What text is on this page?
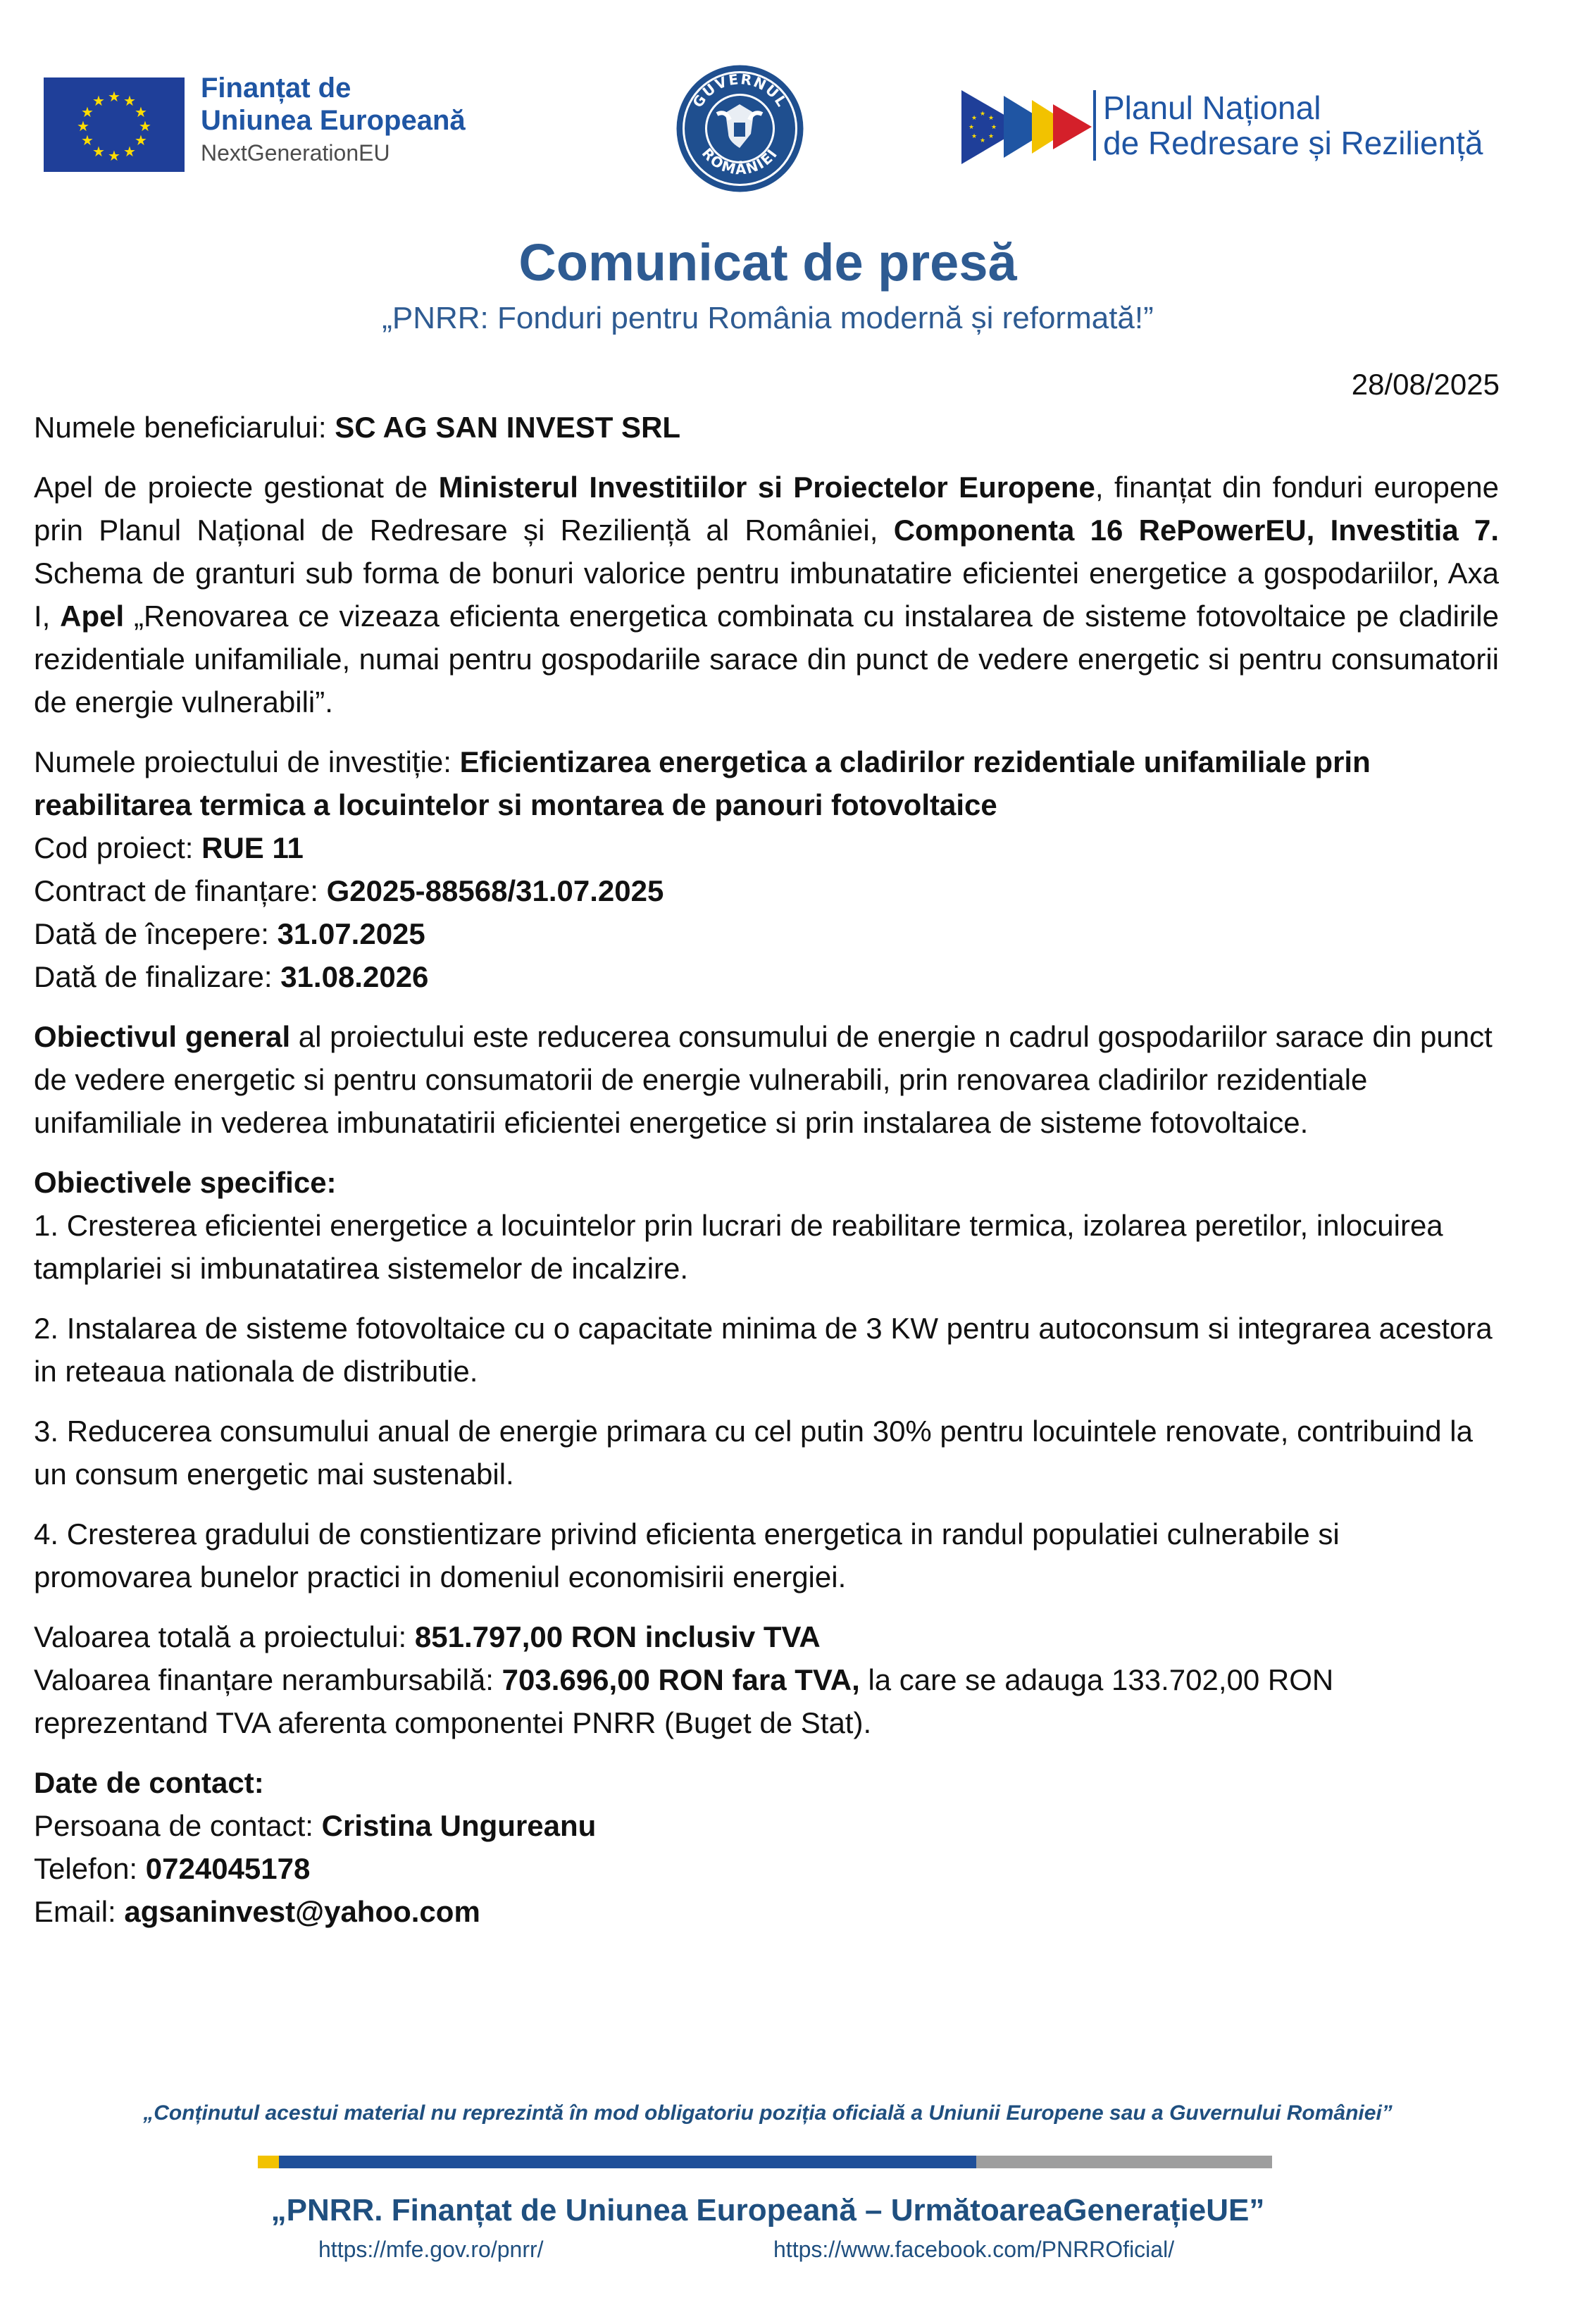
★ ★
★
★
★
★
★
★
★
★
★
★	Finanțat de
Uniunea Europeană
NextGenerationEU
GUVERNUL
ROMÂNIEI
★
★
★
★
★
★
★
★	Planul Național
de Redresare și Reziliență
Comunicat de presă
„PNRR: Fonduri pentru România modernă și reformată!”
28/08/2025

Numele beneficiarului: SC AG SAN INVEST SRL

Apel de proiecte gestionat de Ministerul Investitiilor si Proiectelor Europene, finanțat din fonduri europene prin Planul Național de Redresare și Reziliență al României, Componenta 16 RePowerEU, Investitia 7. Schema de granturi sub forma de bonuri valorice pentru imbunatatire eficientei energetice a gospodariilor, Axa I, Apel „Renovarea ce vizeaza eficienta energetica combinata cu instalarea de sisteme fotovoltaice pe cladirile rezidentiale unifamiliale, numai pentru gospodariile sarace din punct de vedere energetic si pentru consumatorii de energie vulnerabili”.

Numele proiectului de investiție: Eficientizarea energetica a cladirilor rezidentiale unifamiliale prin reabilitarea termica a locuintelor si montarea de panouri fotovoltaice

Cod proiect: RUE 11

Contract de finanțare: G2025-88568/31.07.2025

Dată de începere: 31.07.2025

Dată de finalizare: 31.08.2026

Obiectivul general al proiectului este reducerea consumului de energie n cadrul gospodariilor sarace din punct de vedere energetic si pentru consumatorii de energie vulnerabili, prin renovarea cladirilor rezidentiale unifamiliale in vederea imbunatatirii eficientei energetice si prin instalarea de sisteme fotovoltaice.

Obiectivele specifice:

1. Cresterea eficientei energetice a locuintelor prin lucrari de reabilitare termica, izolarea peretilor, inlocuirea tamplariei si imbunatatirea sistemelor de incalzire.

2. Instalarea de sisteme fotovoltaice cu o capacitate minima de 3 KW pentru autoconsum si integrarea acestora in reteaua nationala de distributie.

3. Reducerea consumului anual de energie primara cu cel putin 30% pentru locuintele renovate, contribuind la un consum energetic mai sustenabil.

4. Cresterea gradului de constientizare privind eficienta energetica in randul populatiei culnerabile si promovarea bunelor practici in domeniul economisirii energiei.

Valoarea totală a proiectului: 851.797,00 RON inclusiv TVA

Valoarea finanțare nerambursabilă: 703.696,00 RON fara TVA, la care se adauga 133.702,00 RON reprezentand TVA aferenta componentei PNRR (Buget de Stat).

Date de contact:

Persoana de contact: Cristina Ungureanu

Telefon: 0724045178

Email: agsaninvest@yahoo.com

„Conținutul acestui material nu reprezintă în mod obligatoriu poziția oficială a Uniunii Europene sau a Guvernului României”
„PNRR. Finanțat de Uniunea Europeană – UrmătoareaGenerațieUE”
https://mfe.gov.ro/pnrr/	https://www.facebook.com/PNRROficial/
